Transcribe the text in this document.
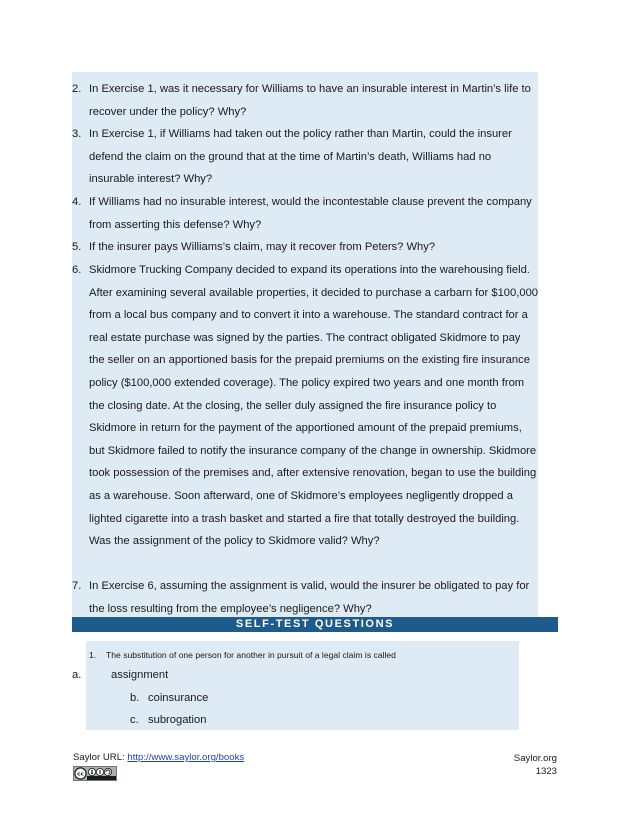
2. In Exercise 1, was it necessary for Williams to have an insurable interest in Martin’s life to recover under the policy? Why?
3. In Exercise 1, if Williams had taken out the policy rather than Martin, could the insurer defend the claim on the ground that at the time of Martin’s death, Williams had no insurable interest? Why?
4. If Williams had no insurable interest, would the incontestable clause prevent the company from asserting this defense? Why?
5. If the insurer pays Williams’s claim, may it recover from Peters? Why?
6. Skidmore Trucking Company decided to expand its operations into the warehousing field. After examining several available properties, it decided to purchase a carbarn for $100,000 from a local bus company and to convert it into a warehouse. The standard contract for a real estate purchase was signed by the parties. The contract obligated Skidmore to pay the seller on an apportioned basis for the prepaid premiums on the existing fire insurance policy ($100,000 extended coverage). The policy expired two years and one month from the closing date. At the closing, the seller duly assigned the fire insurance policy to Skidmore in return for the payment of the apportioned amount of the prepaid premiums, but Skidmore failed to notify the insurance company of the change in ownership. Skidmore took possession of the premises and, after extensive renovation, began to use the building as a warehouse. Soon afterward, one of Skidmore’s employees negligently dropped a lighted cigarette into a trash basket and started a fire that totally destroyed the building. Was the assignment of the policy to Skidmore valid? Why?
7. In Exercise 6, assuming the assignment is valid, would the insurer be obligated to pay for the loss resulting from the employee’s negligence? Why?
SELF-TEST QUESTIONS
1. The substitution of one person for another in pursuit of a legal claim is called
a.	assignment
b. coinsurance
c. subrogation
Saylor URL: http://www.saylor.org/books	Saylor.org
1323
cc	$
